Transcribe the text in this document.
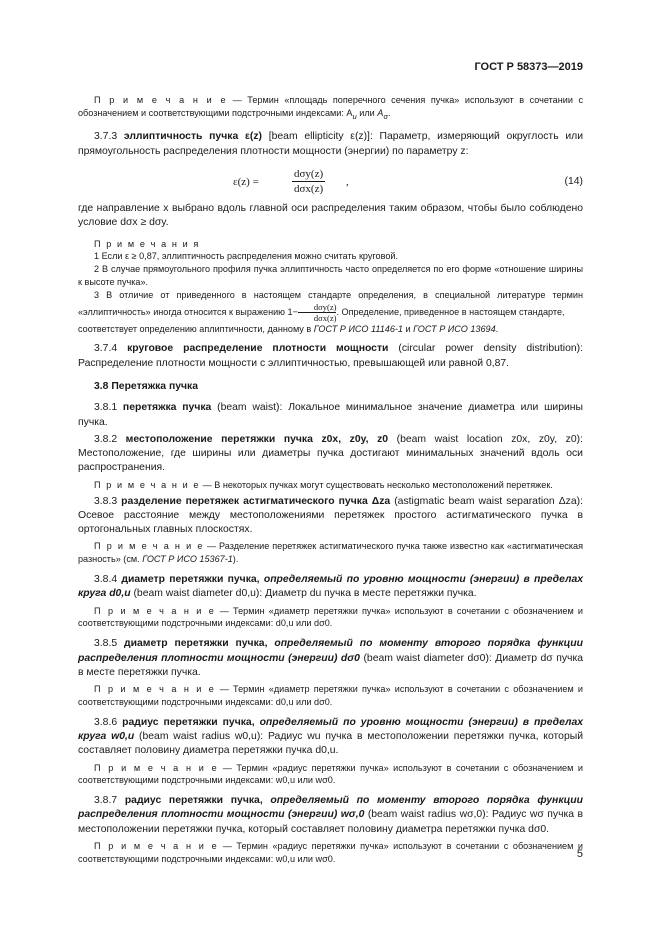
ГОСТ Р 58373—2019

П р и м е ч а н и е — Термин «площадь поперечного сечения пучка» используют в сочетании с обозначением и соответствующими подстрочными индексами: $A_u$ или $A_\sigma$.

3.7.3 эллиптичность пучка ε(z) [beam ellipticity ε(z)]: Параметр, измеряющий округлость или прямоугольность распределения плотности мощности (энергии) по параметру z:

ε(z) =
dσy(z)
dσx(z)
,	(14)

где направление x выбрано вдоль главной оси распределения таким образом, чтобы было соблюдено условие dσx ≥ dσy.

П р и м е ч а н и я

1 Если ε ≥ 0,87, эллиптичность распределения можно считать круговой.

2 В случае прямоугольного профиля пучка эллиптичность часто определяется по его форме «отношение ширины к высоте пучка».

3 В отличие от приведенного в настоящем стандарте определения, в специальной литературе термин «эллиптичность» иногда относится к выражению $1- \frac{\text{dσy(z)}}{\text{dσx(z)}}$ . Определение, приведенное в настоящем стандарте,

соответствует определению аплиптичности, данному в ГОСТ Р ИСО 11146-1 и ГОСТ Р ИСО 13694.

3.7.4 круговое распределение плотности мощности (circular power density distribution): Распределение плотности мощности с эллиптичностью, превышающей или равной 0,87.

3.8 Перетяжка пучка

3.8.1 перетяжка пучка (beam waist): Локальное минимальное значение диаметра или ширины пучка.

3.8.2 местоположение перетяжки пучка z0x, z0y, z0 (beam waist location z0x, z0y, z0): Местоположение, где ширины или диаметры пучка достигают минимальных значений вдоль оси распространения.

П р и м е ч а н и е — В некоторых пучках могут существовать несколько местоположений перетяжек.

3.8.3 разделение перетяжек астигматического пучка Δza (astigmatic beam waist separation Δza): Осевое расстояние между местоположениями перетяжек простого астигматического пучка в ортогональных главных плоскостях.

П р и м е ч а н и е — Разделение перетяжек астигматического пучка также известно как «астигматическая разность» (см. ГОСТ Р ИСО 15367-1).

3.8.4 диаметр перетяжки пучка, определяемый по уровню мощности (энергии) в пределах круга d0,u (beam waist diameter d0,u): Диаметр du пучка в месте перетяжки пучка.

П р и м е ч а н и е — Термин «диаметр перетяжки пучка» используют в сочетании с обозначением и соответствующими подстрочными индексами: d0,u или dσ0.

3.8.5 диаметр перетяжки пучка, определяемый по моменту второго порядка функции распределения плотности мощности (энергии) dσ0 (beam waist diameter dσ0): Диаметр dσ пучка в месте перетяжки пучка.

П р и м е ч а н и е — Термин «диаметр перетяжки пучка» используют в сочетании с обозначением и соответствующими подстрочными индексами: d0,u или dσ0.

3.8.6 радиус перетяжки пучка, определяемый по уровню мощности (энергии) в пределах круга w0,u (beam waist radius w0,u): Радиус wu пучка в местоположении перетяжки пучка, который составляет половину диаметра перетяжки пучка d0,u.

П р и м е ч а н и е — Термин «радиус перетяжки пучка» используют в сочетании с обозначением и соответствующими подстрочными индексами: w0,u или wσ0.

3.8.7 радиус перетяжки пучка, определяемый по моменту второго порядка функции распределения плотности мощности (энергии) wσ,0 (beam waist radius wσ,0): Радиус wσ пучка в местоположении перетяжки пучка, который составляет половину диаметра перетяжки пучка dσ0.

П р и м е ч а н и е — Термин «радиус перетяжки пучка» используют в сочетании с обозначением и соответствующими подстрочными индексами: w0,u или wσ0.	5
